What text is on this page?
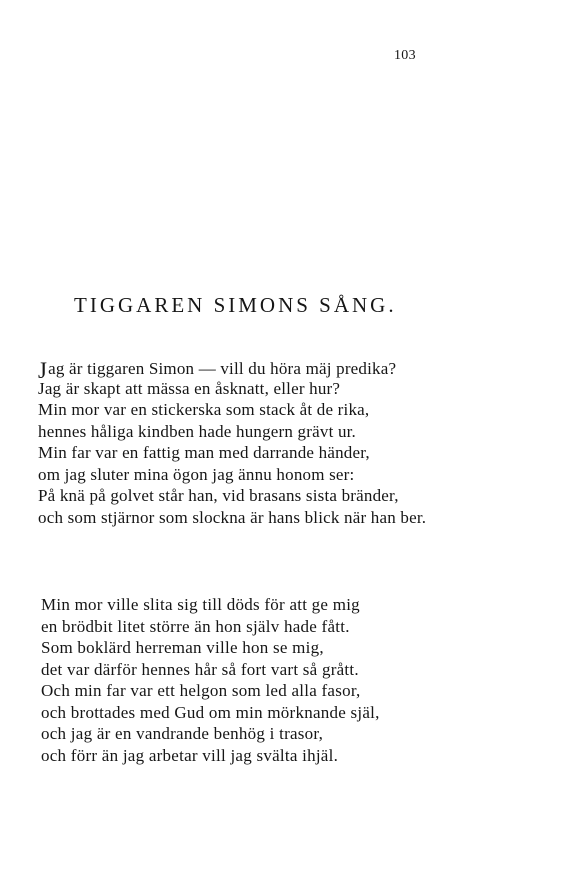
103
TIGGAREN SIMONS SÅNG.
Jag är tiggaren Simon — vill du höra mäj predika?
Jag är skapt att mässa en åsknatt, eller hur?
Min mor var en stickerska som stack åt de rika,
hennes håliga kindben hade hungern grävt ur.
Min far var en fattig man med darrande händer,
om jag sluter mina ögon jag ännu honom ser:
På knä på golvet står han, vid brasans sista bränder,
och som stjärnor som slockna är hans blick när han ber.
Min mor ville slita sig till döds för att ge mig
en brödbit litet större än hon själv hade fått.
Som boklärd herreman ville hon se mig,
det var därför hennes hår så fort vart så grått.
Och min far var ett helgon som led alla fasor,
och brottades med Gud om min mörknande själ,
och jag är en vandrande benhög i trasor,
och förr än jag arbetar vill jag svälta ihjäl.
